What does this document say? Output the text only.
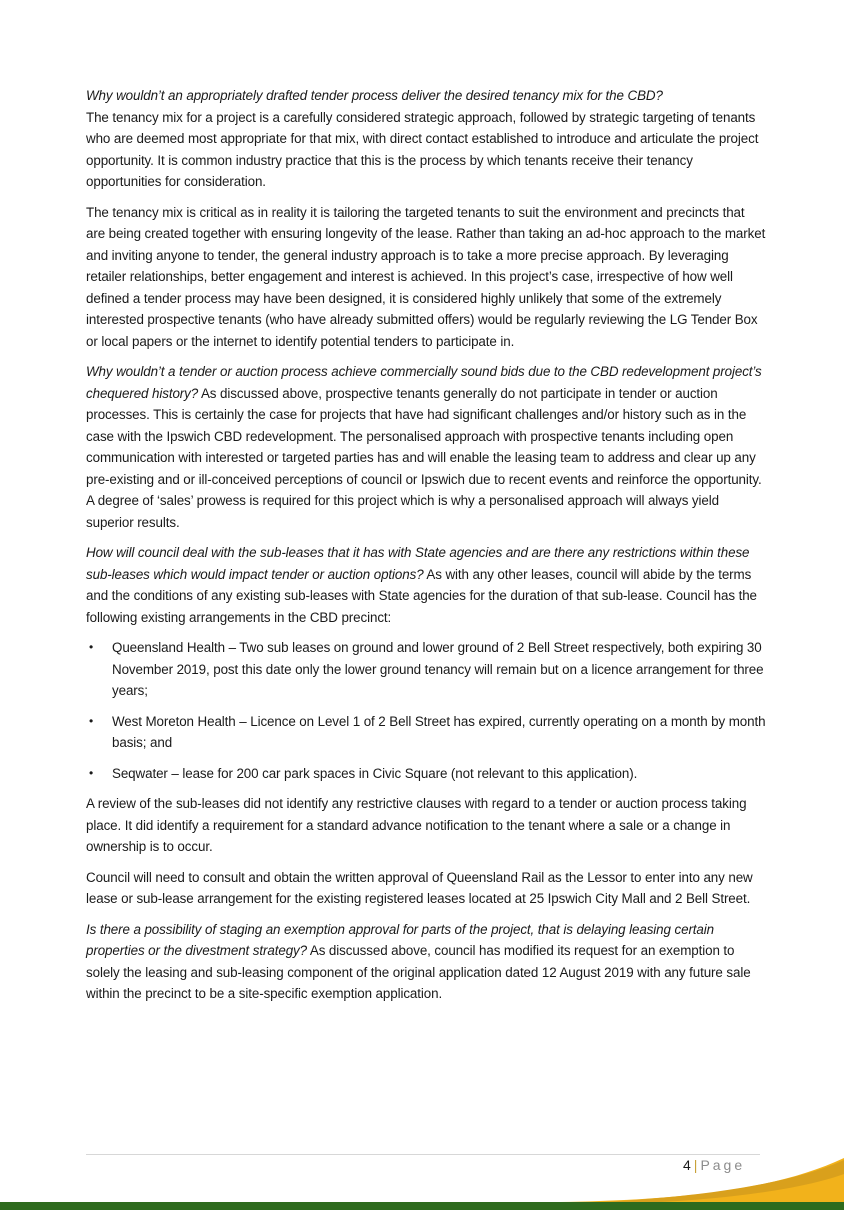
Why wouldn’t an appropriately drafted tender process deliver the desired tenancy mix for the CBD?
The tenancy mix for a project is a carefully considered strategic approach, followed by strategic targeting of tenants who are deemed most appropriate for that mix, with direct contact established to introduce and articulate the project opportunity. It is common industry practice that this is the process by which tenants receive their tenancy opportunities for consideration.

The tenancy mix is critical as in reality it is tailoring the targeted tenants to suit the environment and precincts that are being created together with ensuring longevity of the lease. Rather than taking an ad-hoc approach to the market and inviting anyone to tender, the general industry approach is to take a more precise approach. By leveraging retailer relationships, better engagement and interest is achieved. In this project’s case, irrespective of how well defined a tender process may have been designed, it is considered highly unlikely that some of the extremely interested prospective tenants (who have already submitted offers) would be regularly reviewing the LG Tender Box or local papers or the internet to identify potential tenders to participate in.

Why wouldn’t a tender or auction process achieve commercially sound bids due to the CBD redevelopment project’s chequered history? As discussed above, prospective tenants generally do not participate in tender or auction processes. This is certainly the case for projects that have had significant challenges and/or history such as in the case with the Ipswich CBD redevelopment. The personalised approach with prospective tenants including open communication with interested or targeted parties has and will enable the leasing team to address and clear up any pre-existing and or ill-conceived perceptions of council or Ipswich due to recent events and reinforce the opportunity. A degree of ‘sales’ prowess is required for this project which is why a personalised approach will always yield superior results.

How will council deal with the sub-leases that it has with State agencies and are there any restrictions within these sub-leases which would impact tender or auction options? As with any other leases, council will abide by the terms and the conditions of any existing sub-leases with State agencies for the duration of that sub-lease. Council has the following existing arrangements in the CBD precinct:

• Queensland Health – Two sub leases on ground and lower ground of 2 Bell Street respectively, both expiring 30 November 2019, post this date only the lower ground tenancy will remain but on a licence arrangement for three years;
• West Moreton Health – Licence on Level 1 of 2 Bell Street has expired, currently operating on a month by month basis; and
• Seqwater – lease for 200 car park spaces in Civic Square (not relevant to this application).

A review of the sub-leases did not identify any restrictive clauses with regard to a tender or auction process taking place. It did identify a requirement for a standard advance notification to the tenant where a sale or a change in ownership is to occur.

Council will need to consult and obtain the written approval of Queensland Rail as the Lessor to enter into any new lease or sub-lease arrangement for the existing registered leases located at 25 Ipswich City Mall and 2 Bell Street.

Is there a possibility of staging an exemption approval for parts of the project, that is delaying leasing certain properties or the divestment strategy? As discussed above, council has modified its request for an exemption to solely the leasing and sub-leasing component of the original application dated 12 August 2019 with any future sale within the precinct to be a site-specific exemption application.

4 | Page
